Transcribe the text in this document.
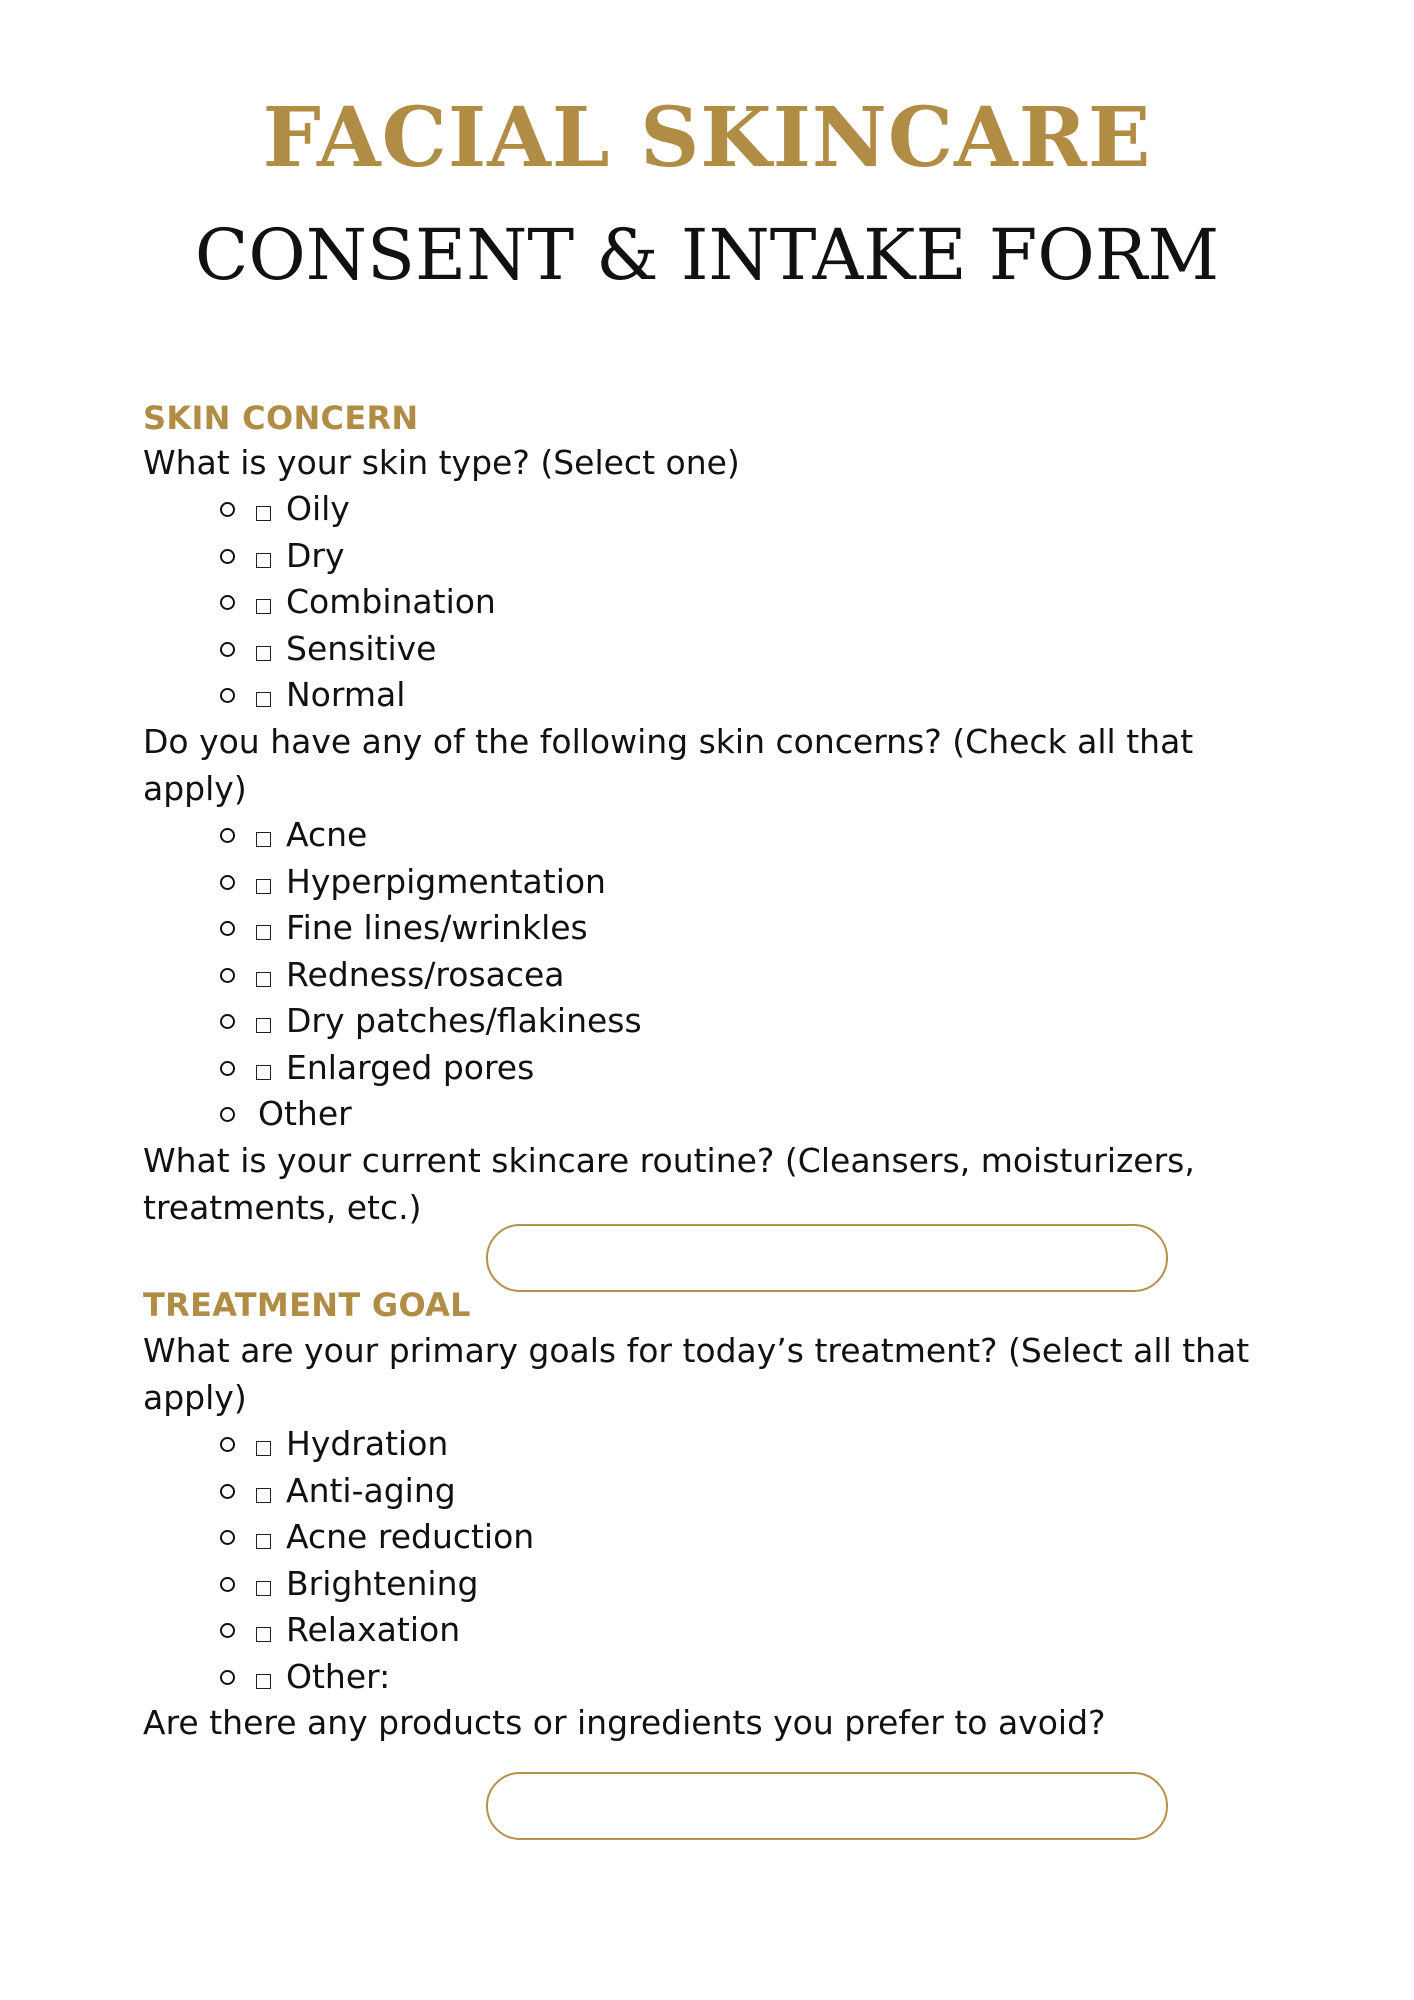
FACIAL SKINCARE
CONSENT & INTAKE FORM
SKIN CONCERN
What is your skin type? (Select one)
Oily
Dry
Combination
Sensitive
Normal
Do you have any of the following skin concerns? (Check all that apply)
Acne
Hyperpigmentation
Fine lines/wrinkles
Redness/rosacea
Dry patches/flakiness
Enlarged pores
Other
What is your current skincare routine? (Cleansers, moisturizers, treatments, etc.)
TREATMENT GOAL
What are your primary goals for today’s treatment? (Select all that apply)
Hydration
Anti-aging
Acne reduction
Brightening
Relaxation
Other:
Are there any products or ingredients you prefer to avoid?
